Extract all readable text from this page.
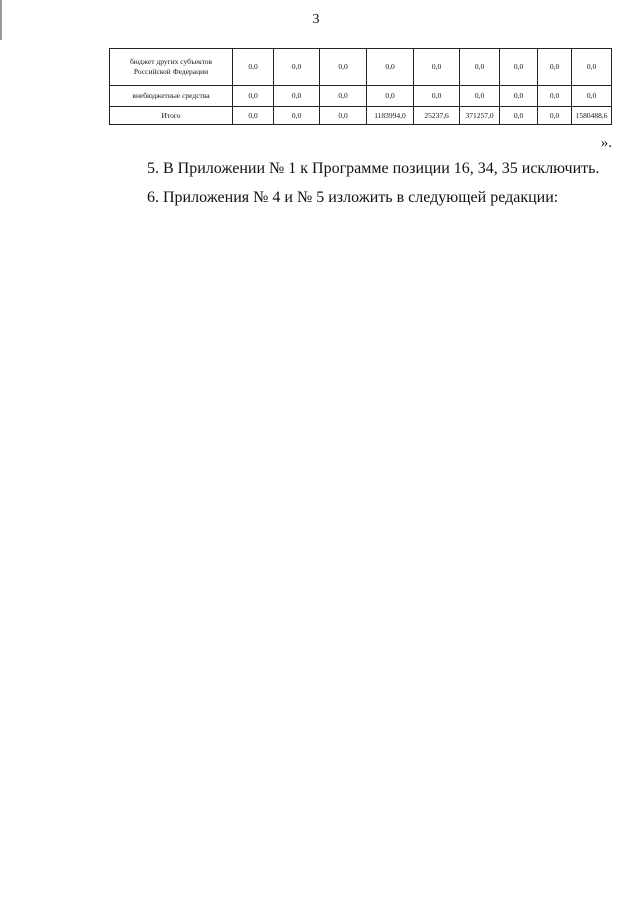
3
бюджет других субъектов Российской Федерации	0,0	0,0	0,0	0,0	0,0	0,0	0,0	0,0	0,0
внебюджетные средства	0,0	0,0	0,0	0,0	0,0	0,0	0,0	0,0	0,0
Итого	0,0	0,0	0,0	1183994,0	25237,6	371257,0	0,0	0,0	1580488,6
».
5. В Приложении № 1 к Программе позиции 16, 34, 35 исключить.
6. Приложения № 4 и № 5 изложить в следующей редакции:
